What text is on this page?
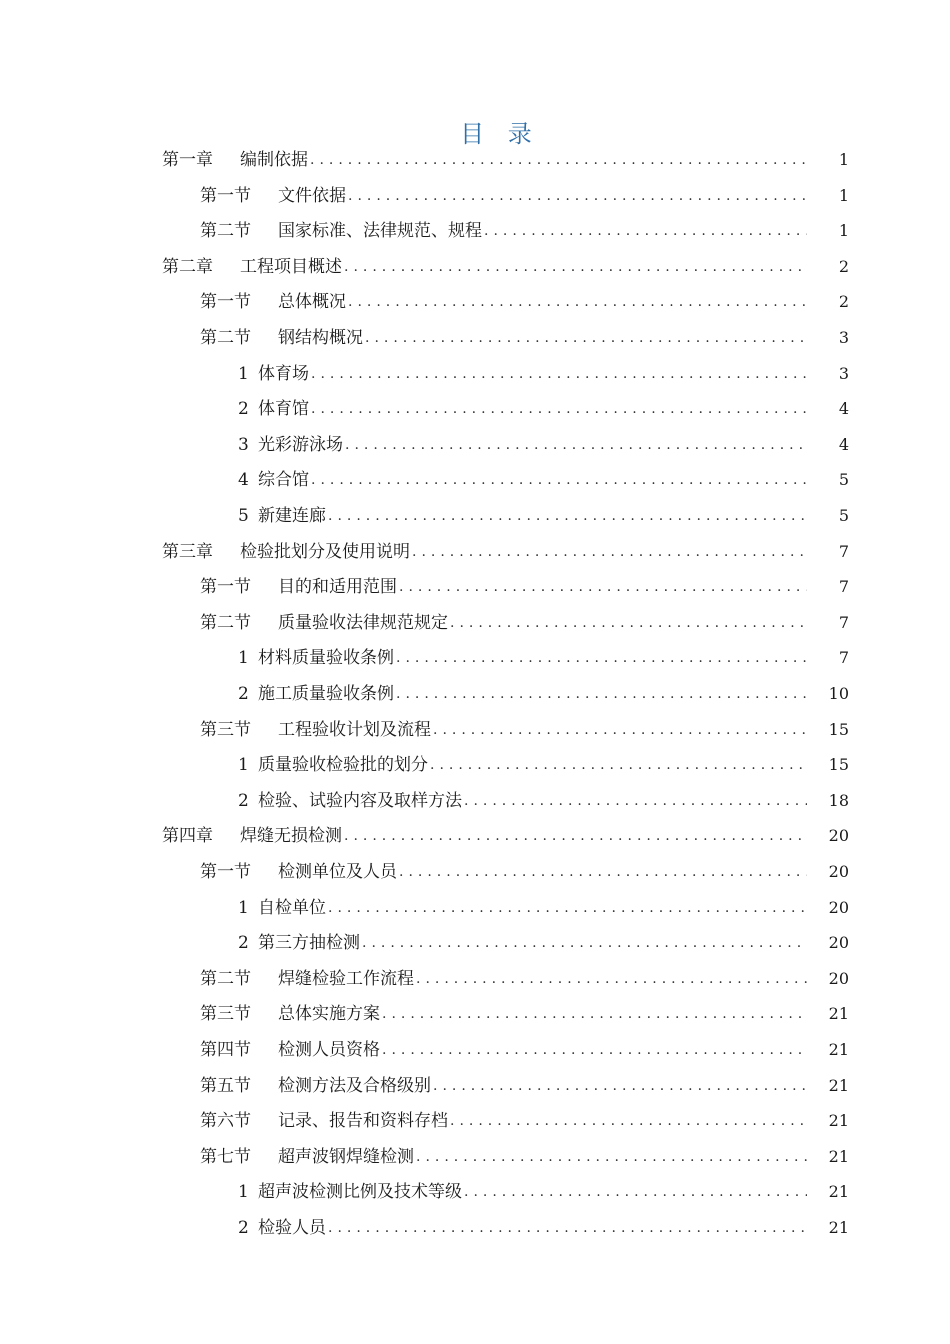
目 录
第一章	编制依据 .....	1
第一节	文件依据 .....	1
第二节	国家标准、法律规范、规程 .....	1
第二章	工程项目概述 .....	2
第一节	总体概况 .....	2
第二节	钢结构概况 .....	3
1 体育场 .....	3
2 体育馆 .....	4
3 光彩游泳场 .....	4
4 综合馆 .....	5
5 新建连廊 .....	5
第三章	检验批划分及使用说明 .....	7
第一节	目的和适用范围 .....	7
第二节	质量验收法律规范规定 .....	7
1 材料质量验收条例 .....	7
2 施工质量验收条例 .....	10
第三节	工程验收计划及流程 .....	15
1 质量验收检验批的划分 .....	15
2 检验、试验内容及取样方法 .....	18
第四章	焊缝无损检测 .....	20
第一节	检测单位及人员 .....	20
1 自检单位 .....	20
2 第三方抽检测 .....	20
第二节	焊缝检验工作流程 .....	20
第三节	总体实施方案 .....	21
第四节	检测人员资格 .....	21
第五节	检测方法及合格级别 .....	21
第六节	记录、报告和资料存档 .....	21
第七节	超声波钢焊缝检测 .....	21
1 超声波检测比例及技术等级 .....	21
2 检验人员 .....	21
